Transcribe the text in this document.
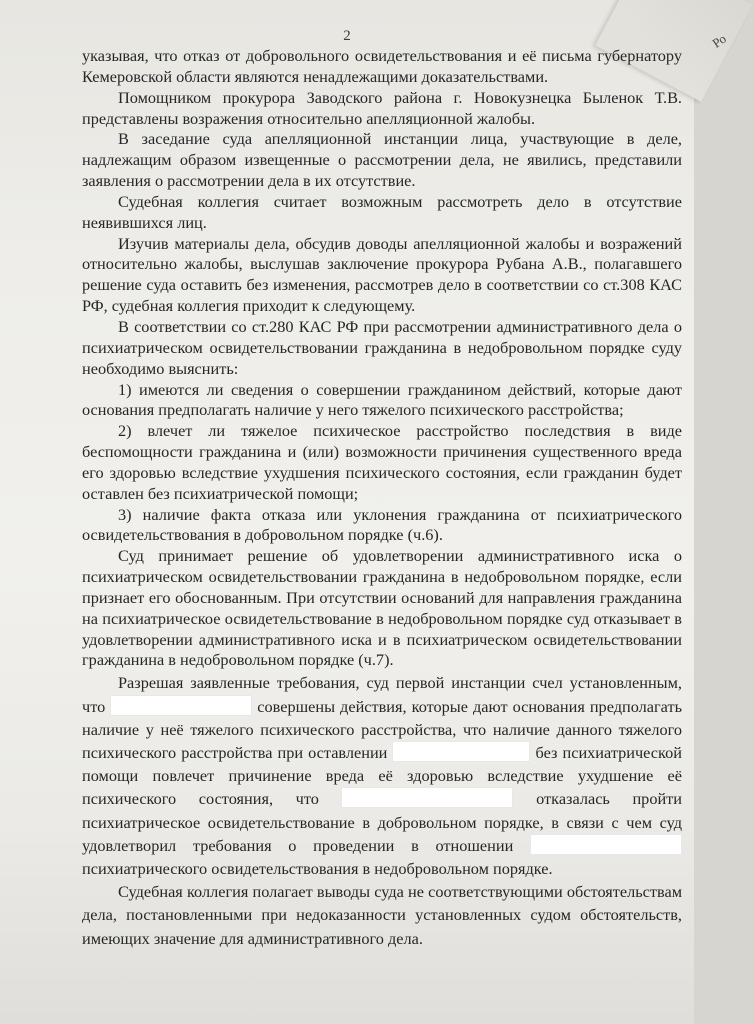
Ро
2

указывая, что отказ от добровольного освидетельствования и её письма губернатору Кемеровской области являются ненадлежащими доказательствами.

Помощником прокурора Заводского района г. Новокузнецка Быленок Т.В. представлены возражения относительно апелляционной жалобы.

В заседание суда апелляционной инстанции лица, участвующие в деле, надлежащим образом извещенные о рассмотрении дела, не явились, представили заявления о рассмотрении дела в их отсутствие.

Судебная коллегия считает возможным рассмотреть дело в отсутствие неявившихся лиц.

Изучив материалы дела, обсудив доводы апелляционной жалобы и возражений относительно жалобы, выслушав заключение прокурора Рубана А.В., полагавшего решение суда оставить без изменения, рассмотрев дело в соответствии со ст.308 КАС РФ, судебная коллегия приходит к следующему.

В соответствии со ст.280 КАС РФ при рассмотрении административного дела о психиатрическом освидетельствовании гражданина в недобровольном порядке суду необходимо выяснить:

1) имеются ли сведения о совершении гражданином действий, которые дают основания предполагать наличие у него тяжелого психического расстройства;

2) влечет ли тяжелое психическое расстройство последствия в виде беспомощности гражданина и (или) возможности причинения существенного вреда его здоровью вследствие ухудшения психического состояния, если гражданин будет оставлен без психиатрической помощи;

3) наличие факта отказа или уклонения гражданина от психиатрического освидетельствования в добровольном порядке (ч.6).

Суд принимает решение об удовлетворении административного иска о психиатрическом освидетельствовании гражданина в недобровольном порядке, если признает его обоснованным. При отсутствии оснований для направления гражданина на психиатрическое освидетельствование в недобровольном порядке суд отказывает в удовлетворении административного иска и в психиатрическом освидетельствовании гражданина в недобровольном порядке (ч.7).

Разрешая заявленные требования, суд первой инстанции счел установленным, что	совершены действия, которые дают основания предполагать наличие у неё тяжелого психического расстройства, что наличие данного тяжелого психического расстройства при оставлении	без психиатрической помощи повлечет причинение вреда её здоровью вследствие ухудшение её психического состояния, что	отказалась пройти психиатрическое освидетельствование в добровольном порядке, в связи с чем суд удовлетворил требования о проведении в отношении  психиатрического освидетельствования в недобровольном порядке.

Судебная коллегия полагает выводы суда не соответствующими обстоятельствам дела, постановленными при недоказанности установленных судом обстоятельств, имеющих значение для административного дела.
